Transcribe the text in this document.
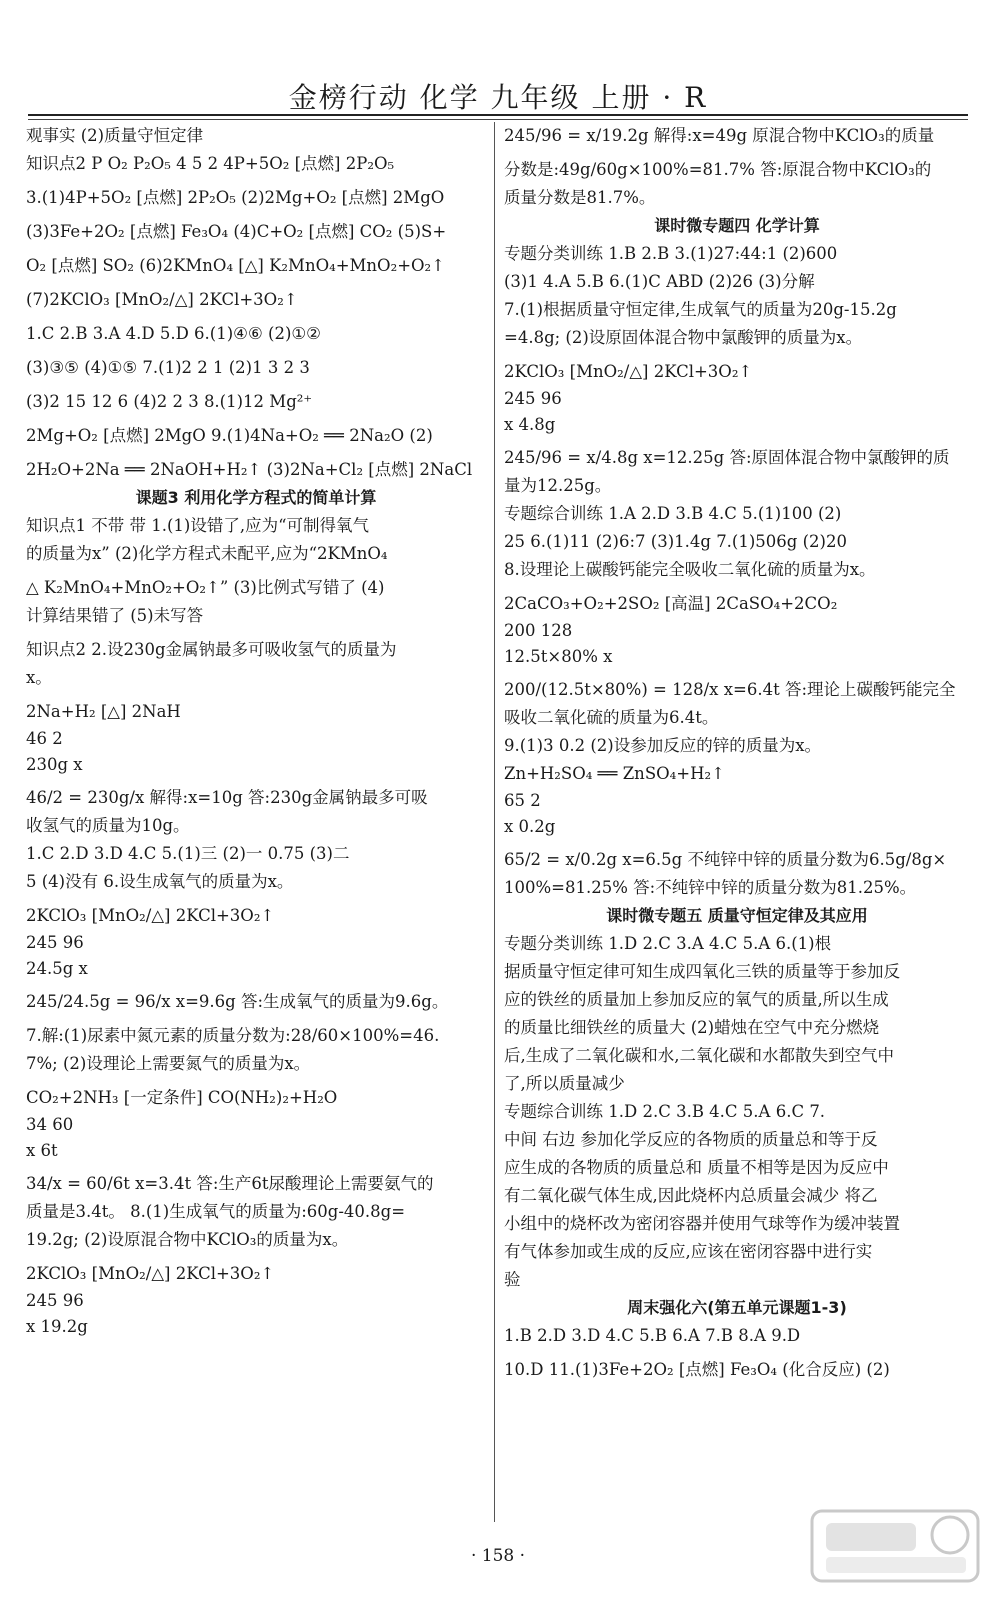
金榜行动 化学 九年级 上册 · R
观事实 (2)质量守恒定律
知识点2 P O₂ P₂O₅ 4 5 2 4P+5O₂ [点燃] 2P₂O₅
3.(1)4P+5O₂ [点燃] 2P₂O₅ (2)2Mg+O₂ [点燃] 2MgO
(3)3Fe+2O₂ [点燃] Fe₃O₄ (4)C+O₂ [点燃] CO₂ (5)S+
O₂ [点燃] SO₂ (6)2KMnO₄ [△] K₂MnO₄+MnO₂+O₂↑
(7)2KClO₃ [MnO₂/△] 2KCl+3O₂↑
1.C 2.B 3.A 4.D 5.D 6.(1)④⑥ (2)①②
(3)③⑤ (4)①⑤ 7.(1)2 2 1 (2)1 3 2 3
(3)2 15 12 6 (4)2 2 3 8.(1)12 Mg²⁺
2Mg+O₂ [点燃] 2MgO 9.(1)4Na+O₂ ══ 2Na₂O (2)
2H₂O+2Na ══ 2NaOH+H₂↑ (3)2Na+Cl₂ [点燃] 2NaCl
课题3 利用化学方程式的简单计算
知识点1 不带 带 1.(1)设错了,应为“可制得氧气
的质量为x” (2)化学方程式未配平,应为“2KMnO₄
△ K₂MnO₄+MnO₂+O₂↑” (3)比例式写错了 (4)
计算结果错了 (5)未写答
知识点2 2.设230g金属钠最多可吸收氢气的质量为
x。
2Na+H₂ [△] 2NaH
46 2
230g x
46/2 = 230g/x 解得:x=10g 答:230g金属钠最多可吸
收氢气的质量为10g。
1.C 2.D 3.D 4.C 5.(1)三 (2)一 0.75 (3)二
5 (4)没有 6.设生成氧气的质量为x。
2KClO₃ [MnO₂/△] 2KCl+3O₂↑
245 96
24.5g x
245/24.5g = 96/x x=9.6g 答:生成氧气的质量为9.6g。
7.解:(1)尿素中氮元素的质量分数为:28/60×100%=46.
7%; (2)设理论上需要氮气的质量为x。
CO₂+2NH₃ [一定条件] CO(NH₂)₂+H₂O
34 60
x 6t
34/x = 60/6t x=3.4t 答:生产6t尿酸理论上需要氨气的
质量是3.4t。 8.(1)生成氧气的质量为:60g-40.8g=
19.2g; (2)设原混合物中KClO₃的质量为x。
2KClO₃ [MnO₂/△] 2KCl+3O₂↑
245 96
x 19.2g
245/96 = x/19.2g 解得:x=49g 原混合物中KClO₃的质量
分数是:49g/60g×100%=81.7% 答:原混合物中KClO₃的
质量分数是81.7%。
课时微专题四 化学计算
专题分类训练 1.B 2.B 3.(1)27:44:1 (2)600
(3)1 4.A 5.B 6.(1)C ABD (2)26 (3)分解
7.(1)根据质量守恒定律,生成氧气的质量为20g-15.2g
=4.8g; (2)设原固体混合物中氯酸钾的质量为x。
2KClO₃ [MnO₂/△] 2KCl+3O₂↑
245 96
x 4.8g
245/96 = x/4.8g x=12.25g 答:原固体混合物中氯酸钾的质
量为12.25g。
专题综合训练 1.A 2.D 3.B 4.C 5.(1)100 (2)
25 6.(1)11 (2)6:7 (3)1.4g 7.(1)506g (2)20
8.设理论上碳酸钙能完全吸收二氧化硫的质量为x。
2CaCO₃+O₂+2SO₂ [高温] 2CaSO₄+2CO₂
200 128
12.5t×80% x
200/(12.5t×80%) = 128/x x=6.4t 答:理论上碳酸钙能完全
吸收二氧化硫的质量为6.4t。
9.(1)3 0.2 (2)设参加反应的锌的质量为x。
Zn+H₂SO₄ ══ ZnSO₄+H₂↑
65 2
x 0.2g
65/2 = x/0.2g x=6.5g 不纯锌中锌的质量分数为6.5g/8g×
100%=81.25% 答:不纯锌中锌的质量分数为81.25%。
课时微专题五 质量守恒定律及其应用
专题分类训练 1.D 2.C 3.A 4.C 5.A 6.(1)根
据质量守恒定律可知生成四氧化三铁的质量等于参加反
应的铁丝的质量加上参加反应的氧气的质量,所以生成
的质量比细铁丝的质量大 (2)蜡烛在空气中充分燃烧
后,生成了二氧化碳和水,二氧化碳和水都散失到空气中
了,所以质量减少
专题综合训练 1.D 2.C 3.B 4.C 5.A 6.C 7.
中间 右边 参加化学反应的各物质的质量总和等于反
应生成的各物质的质量总和 质量不相等是因为反应中
有二氧化碳气体生成,因此烧杯内总质量会减少 将乙
小组中的烧杯改为密闭容器并使用气球等作为缓冲装置
有气体参加或生成的反应,应该在密闭容器中进行实
验
周末强化六(第五单元课题1-3)
1.B 2.D 3.D 4.C 5.B 6.A 7.B 8.A 9.D
10.D 11.(1)3Fe+2O₂ [点燃] Fe₃O₄ (化合反应) (2)
· 158 ·
